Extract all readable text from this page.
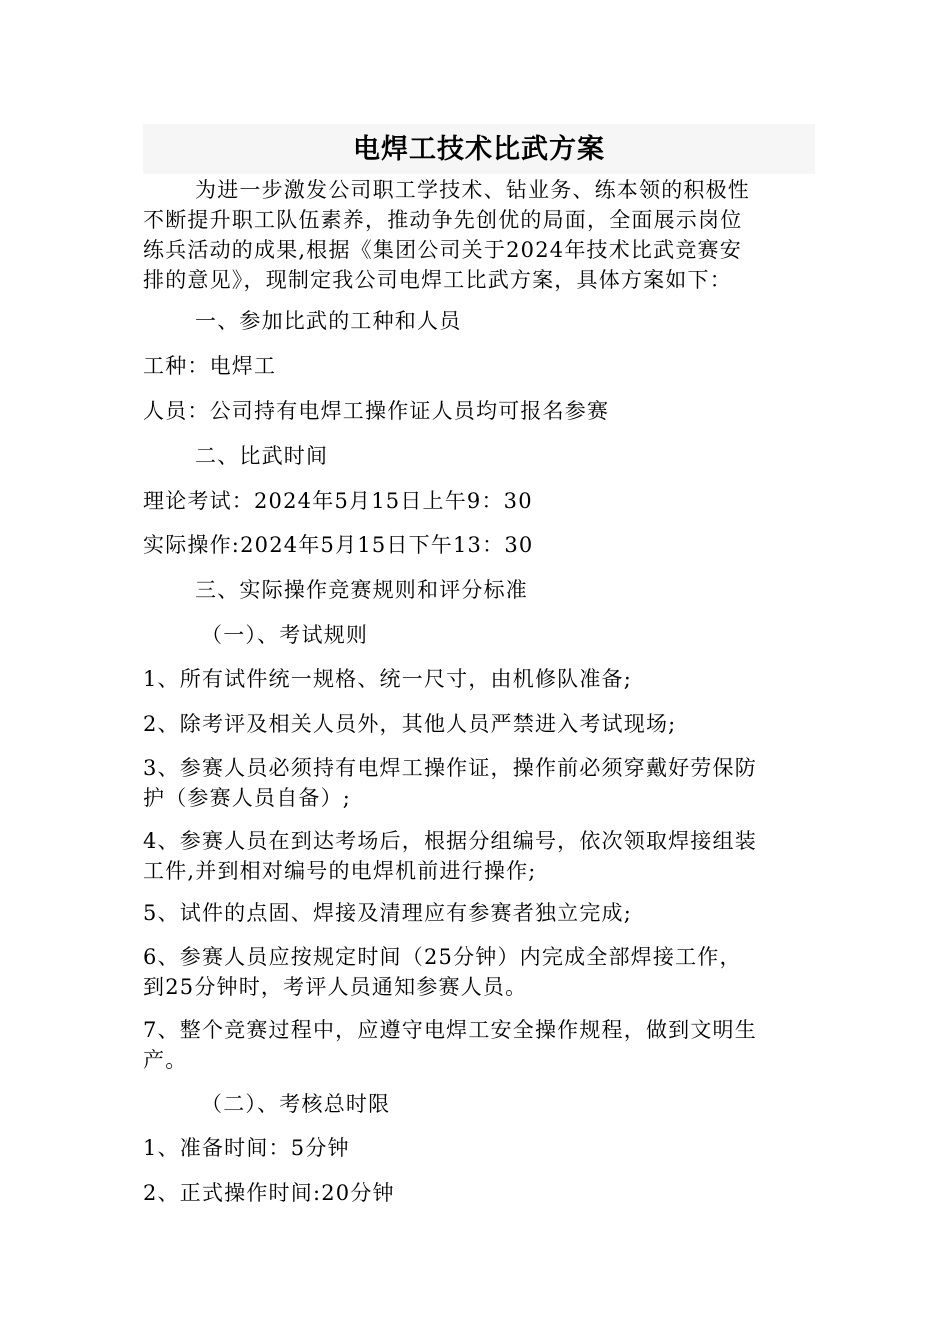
电焊工技术比武方案
为进一步激发公司职工学技术、钻业务、练本领的积极性
不断提升职工队伍素养，推动争先创优的局面，全面展示岗位
练兵活动的成果,根据《集团公司关于2024年技术比武竞赛安
排的意见》，现制定我公司电焊工比武方案，具体方案如下：
一、参加比武的工种和人员
工种：电焊工
人员：公司持有电焊工操作证人员均可报名参赛
二、比武时间
理论考试：2024年5月15日上午9：30
实际操作:2024年5月15日下午13：30
三、实际操作竞赛规则和评分标准
（一）、考试规则
1、所有试件统一规格、统一尺寸，由机修队准备;
2、除考评及相关人员外，其他人员严禁进入考试现场;
3、参赛人员必须持有电焊工操作证，操作前必须穿戴好劳保防
护（参赛人员自备）;
4、参赛人员在到达考场后，根据分组编号，依次领取焊接组装
工件,并到相对编号的电焊机前进行操作;
5、试件的点固、焊接及清理应有参赛者独立完成;
6、参赛人员应按规定时间（25分钟）内完成全部焊接工作，
到25分钟时，考评人员通知参赛人员。
7、整个竞赛过程中，应遵守电焊工安全操作规程，做到文明生
产。
（二）、考核总时限
1、准备时间：5分钟
2、正式操作时间:20分钟
